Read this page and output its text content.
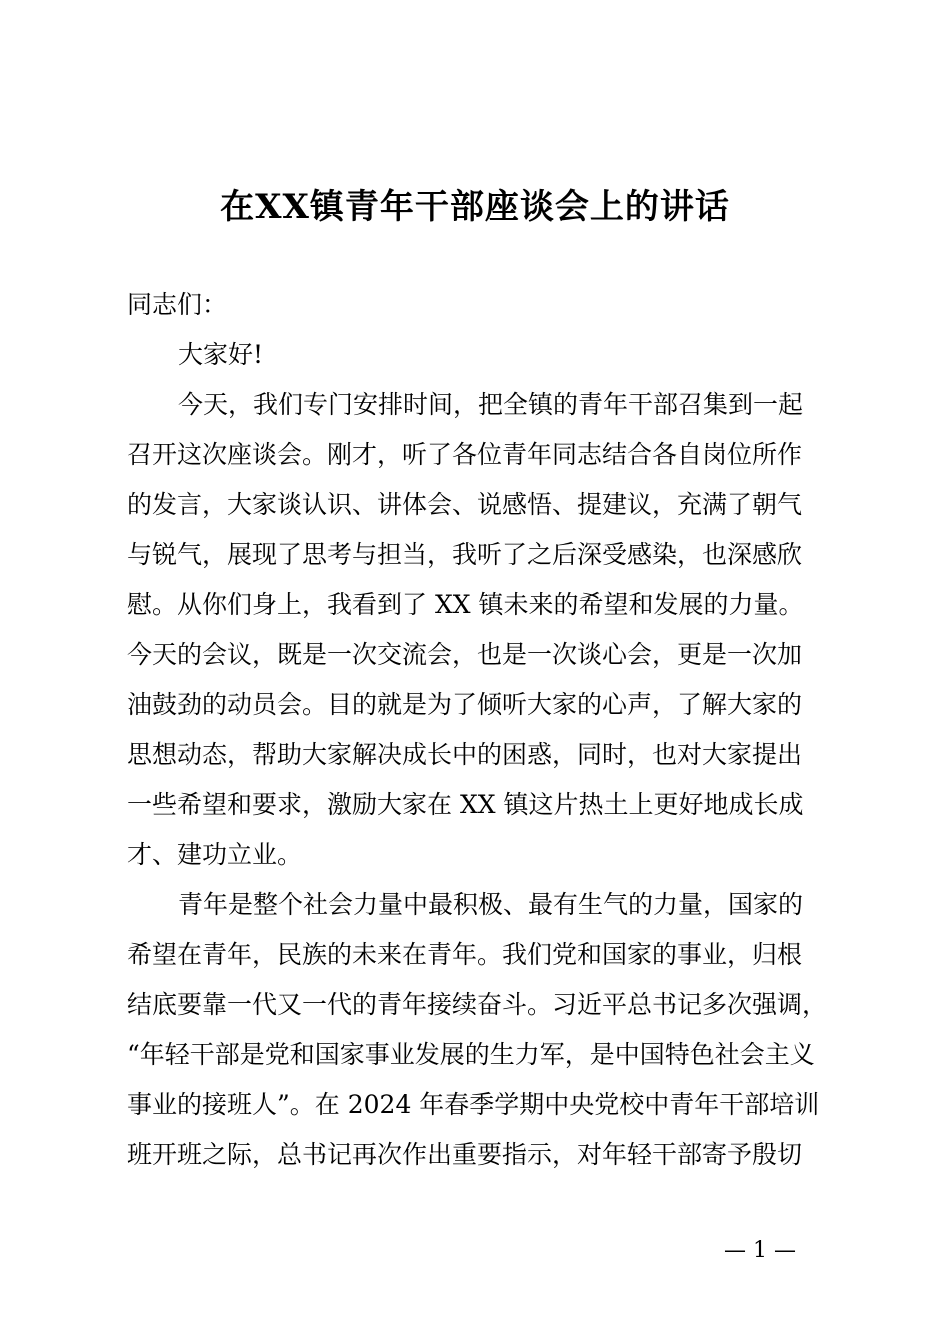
在XX镇青年干部座谈会上的讲话
同志们：
大家好!
今天，我们专门安排时间，把全镇的青年干部召集到一起
召开这次座谈会。刚才，听了各位青年同志结合各自岗位所作
的发言，大家谈认识、讲体会、说感悟、提建议，充满了朝气
与锐气，展现了思考与担当，我听了之后深受感染，也深感欣
慰。从你们身上，我看到了 XX 镇未来的希望和发展的力量。
今天的会议，既是一次交流会，也是一次谈心会，更是一次加
油鼓劲的动员会。目的就是为了倾听大家的心声，了解大家的
思想动态，帮助大家解决成长中的困惑，同时，也对大家提出
一些希望和要求，激励大家在 XX 镇这片热土上更好地成长成
才、建功立业。
青年是整个社会力量中最积极、最有生气的力量，国家的
希望在青年，民族的未来在青年。我们党和国家的事业，归根
结底要靠一代又一代的青年接续奋斗。习近平总书记多次强调，
“年轻干部是党和国家事业发展的生力军，是中国特色社会主义
事业的接班人”。在 2024 年春季学期中央党校中青年干部培训
班开班之际，总书记再次作出重要指示，对年轻干部寄予殷切
— 1 —
